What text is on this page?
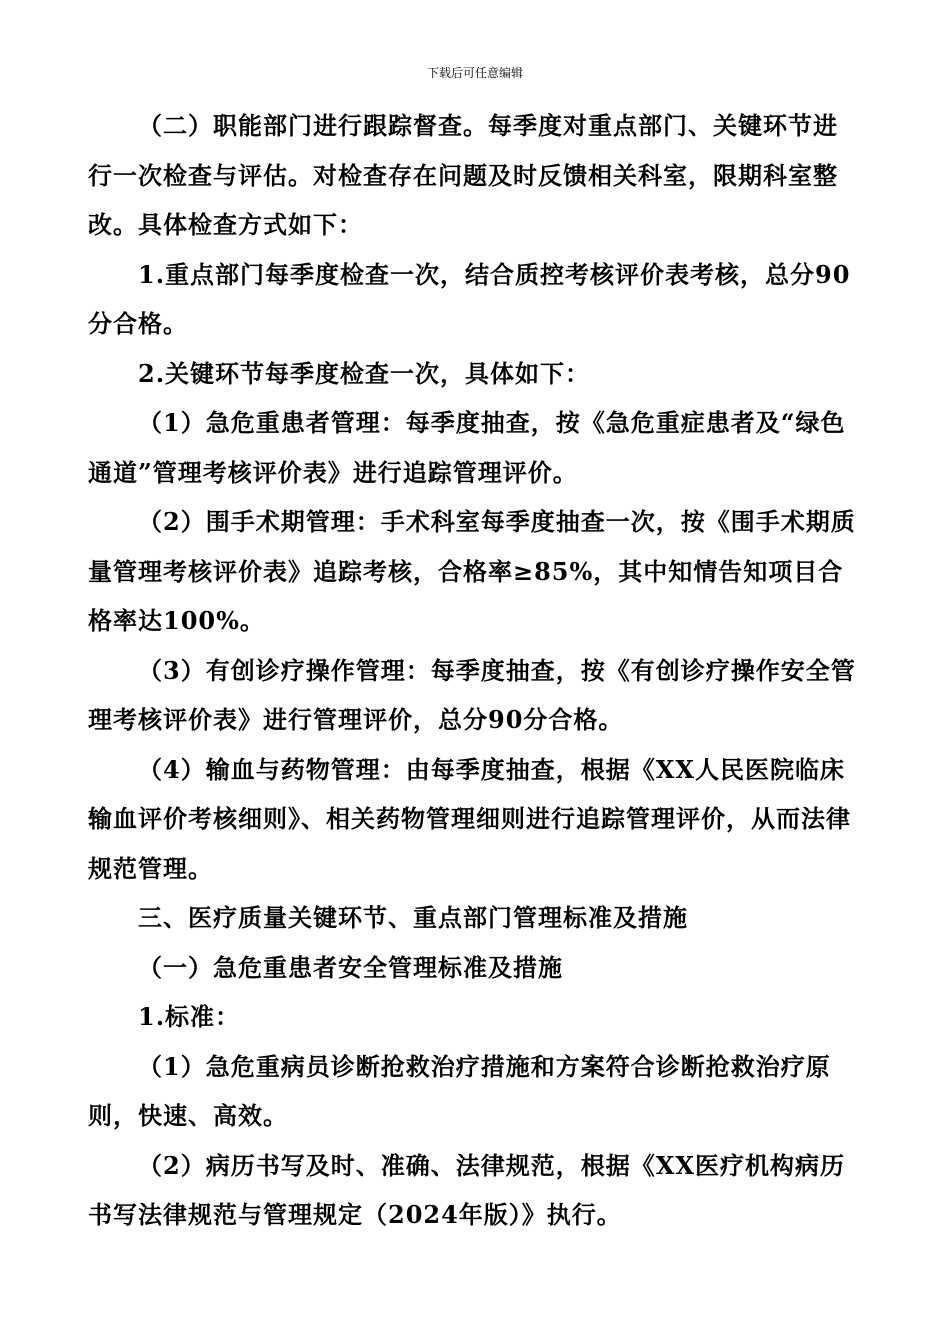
下载后可任意编辑

（二）职能部门进行跟踪督查。每季度对重点部门、关键环节进行一次检查与评估。对检查存在问题及时反馈相关科室，限期科室整改。具体检查方式如下：

1.重点部门每季度检查一次，结合质控考核评价表考核，总分90分合格。

2.关键环节每季度检查一次，具体如下：

（1）急危重患者管理：每季度抽查，按《急危重症患者及“绿色通道”管理考核评价表》进行追踪管理评价。

（2）围手术期管理：手术科室每季度抽查一次，按《围手术期质量管理考核评价表》追踪考核，合格率≥85%，其中知情告知项目合格率达100%。

（3）有创诊疗操作管理：每季度抽查，按《有创诊疗操作安全管理考核评价表》进行管理评价，总分90分合格。

（4）输血与药物管理：由每季度抽查，根据《XX人民医院临床输血评价考核细则》、相关药物管理细则进行追踪管理评价，从而法律规范管理。

三、医疗质量关键环节、重点部门管理标准及措施

（一）急危重患者安全管理标准及措施

1.标准：

（1）急危重病员诊断抢救治疗措施和方案符合诊断抢救治疗原则，快速、高效。

（2）病历书写及时、准确、法律规范，根据《XX医疗机构病历书写法律规范与管理规定（2024年版）》执行。
